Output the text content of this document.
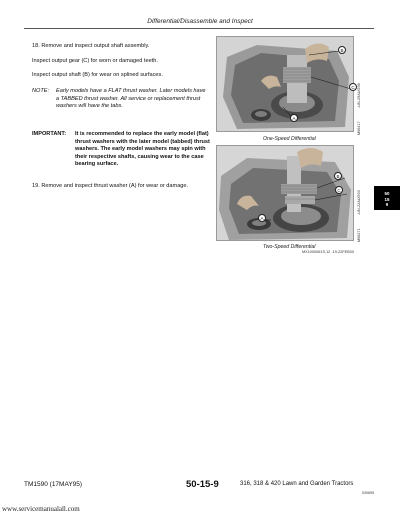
Differential/Disassemble and Inspect
18. Remove and inspect output shaft assembly.
Inspect output gear (C) for worn or damaged teeth.
Inspect output shaft (B) for wear on splined surfaces.
NOTE:	Early models have a FLAT thrust washer. Later models have a TABBED thrust washer. All service or replacement thrust washers will have the tabs.
IMPORTANT:	It is recommended to replace the early model (flat) thrust washers with the later model (tabbed) thrust washers. The early model washers may spin with their respective shafts, causing wear to the case bearing surface.
19. Remove and inspect thrust washer (A) for wear or damage.
B
C
A
One-Speed Differential
M06417
-UN-29AUG96
B
C
A
Two-Speed Differential
M06271
-UN-22AUG93
MX1000061S,12 -19-22FEB00
50
15
9
TM1590 (17MAY95)	50-15-9	316, 318 & 420 Lawn and Garden Tractors
030695
www.servicemanualall.com
